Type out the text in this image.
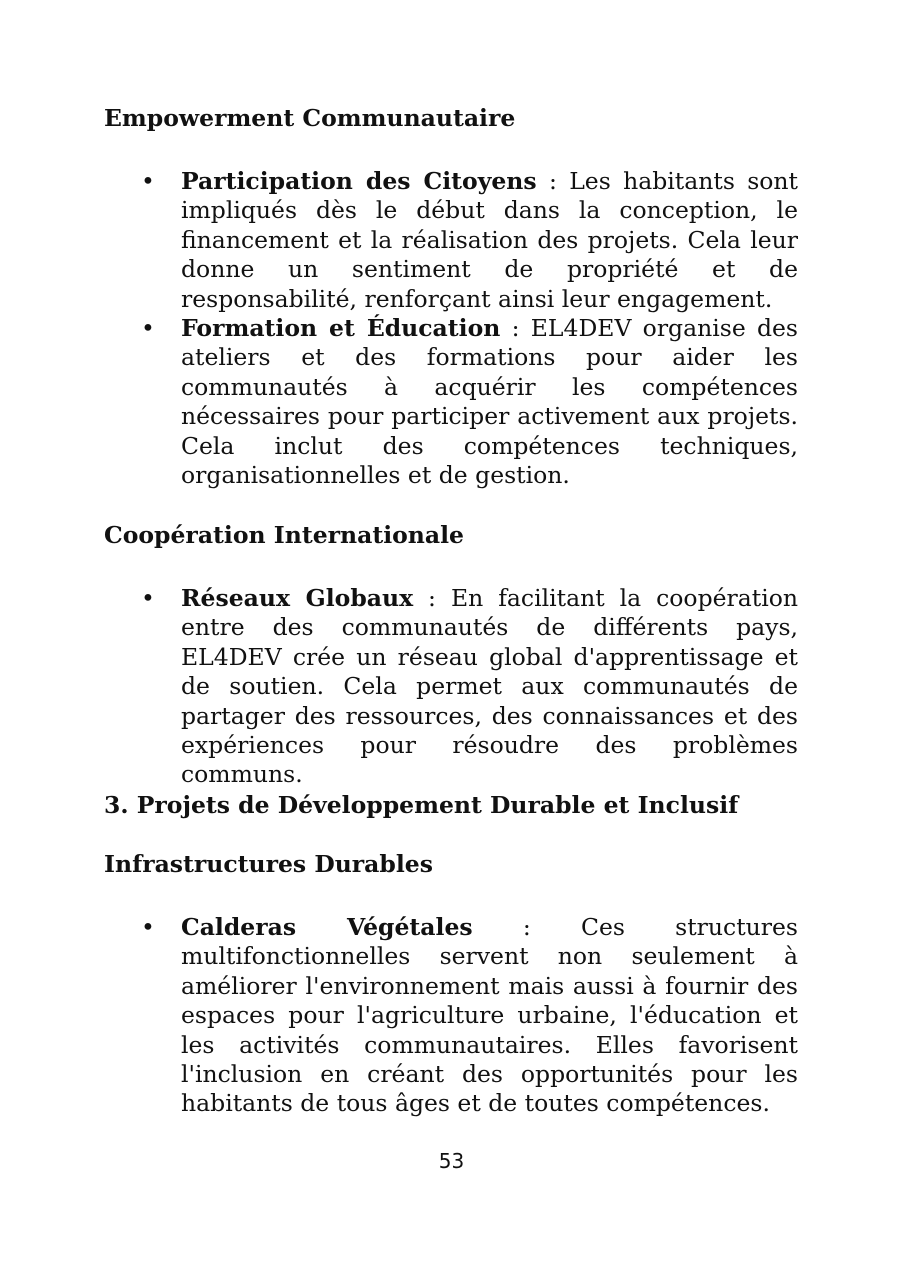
Empowerment Communautaire
• Participation des Citoyens : Les habitants sont impliqués dès le début dans la conception, le financement et la réalisation des projets. Cela leur donne un sentiment de propriété et de responsabilité, renforçant ainsi leur engagement.
• Formation et Éducation : EL4DEV organise des ateliers et des formations pour aider les communautés à acquérir les compétences nécessaires pour participer activement aux projets. Cela inclut des compétences techniques, organisationnelles et de gestion.
Coopération Internationale
• Réseaux Globaux : En facilitant la coopération entre des communautés de différents pays, EL4DEV crée un réseau global d'apprentissage et de soutien. Cela permet aux communautés de partager des ressources, des connaissances et des expériences pour résoudre des problèmes communs.
3. Projets de Développement Durable et Inclusif
Infrastructures Durables
• Calderas Végétales : Ces structures multifonctionnelles servent non seulement à améliorer l'environnement mais aussi à fournir des espaces pour l'agriculture urbaine, l'éducation et les activités communautaires. Elles favorisent l'inclusion en créant des opportunités pour les habitants de tous âges et de toutes compétences.
53
